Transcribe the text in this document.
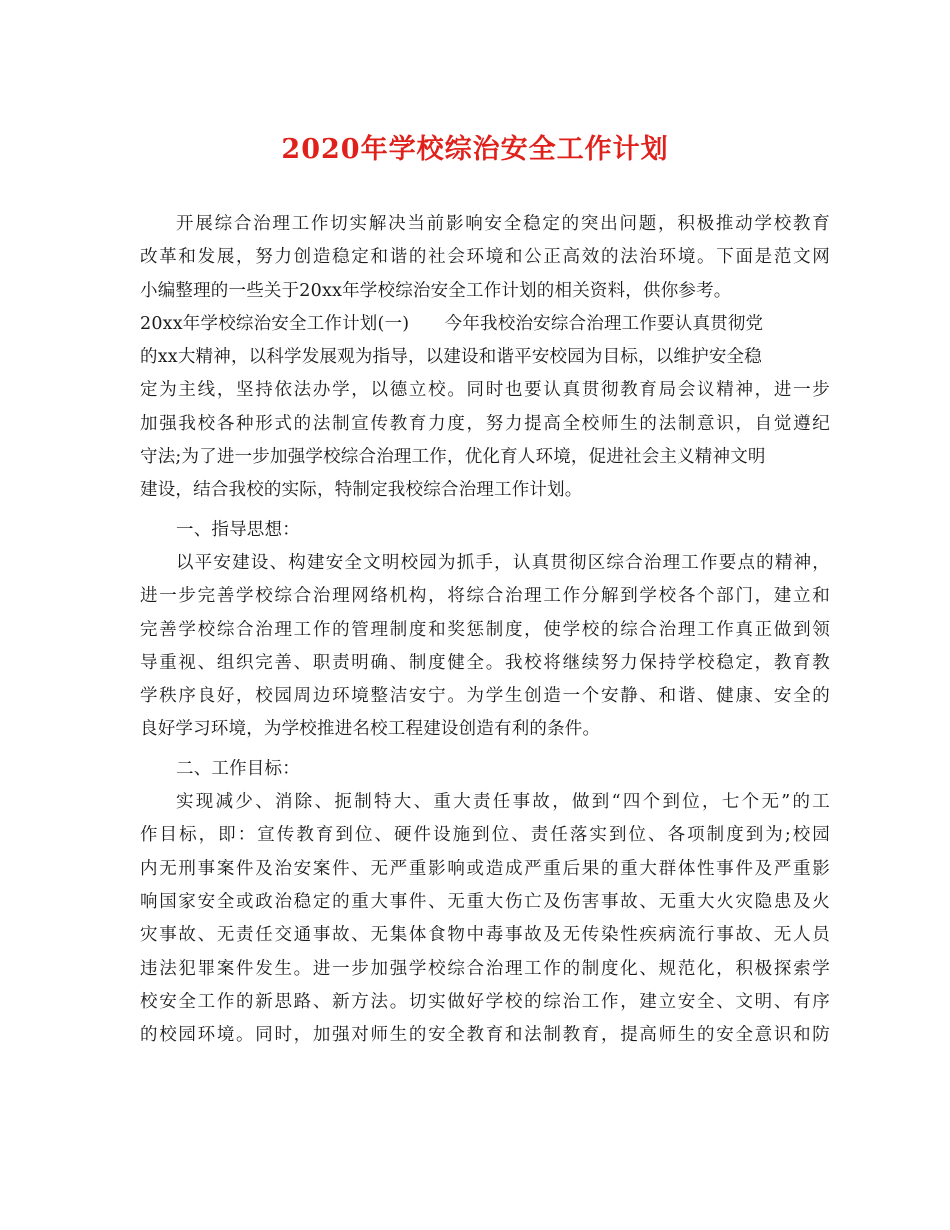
2020年学校综治安全工作计划
开展综合治理工作切实解决当前影响安全稳定的突出问题，积极推动学校教育
改革和发展，努力创造稳定和谐的社会环境和公正高效的法治环境。下面是范文网
小编整理的一些关于20xx年学校综治安全工作计划的相关资料，供你参考。
20xx年学校综治安全工作计划(一)　　今年我校治安综合治理工作要认真贯彻党
的xx大精神，以科学发展观为指导，以建设和谐平安校园为目标，以维护安全稳
定为主线，坚持依法办学，以德立校。同时也要认真贯彻教育局会议精神，进一步
加强我校各种形式的法制宣传教育力度，努力提高全校师生的法制意识，自觉遵纪
守法;为了进一步加强学校综合治理工作，优化育人环境，促进社会主义精神文明
建设，结合我校的实际，特制定我校综合治理工作计划。
一、指导思想：
以平安建设、构建安全文明校园为抓手，认真贯彻区综合治理工作要点的精神，
进一步完善学校综合治理网络机构，将综合治理工作分解到学校各个部门，建立和
完善学校综合治理工作的管理制度和奖惩制度，使学校的综合治理工作真正做到领
导重视、组织完善、职责明确、制度健全。我校将继续努力保持学校稳定，教育教
学秩序良好，校园周边环境整洁安宁。为学生创造一个安静、和谐、健康、安全的
良好学习环境，为学校推进名校工程建设创造有利的条件。
二、工作目标：
实现减少、消除、扼制特大、重大责任事故，做到“四个到位，七个无”的工
作目标，即：宣传教育到位、硬件设施到位、责任落实到位、各项制度到为;校园
内无刑事案件及治安案件、无严重影响或造成严重后果的重大群体性事件及严重影
响国家安全或政治稳定的重大事件、无重大伤亡及伤害事故、无重大火灾隐患及火
灾事故、无责任交通事故、无集体食物中毒事故及无传染性疾病流行事故、无人员
违法犯罪案件发生。进一步加强学校综合治理工作的制度化、规范化，积极探索学
校安全工作的新思路、新方法。切实做好学校的综治工作，建立安全、文明、有序
的校园环境。同时，加强对师生的安全教育和法制教育，提高师生的安全意识和防
